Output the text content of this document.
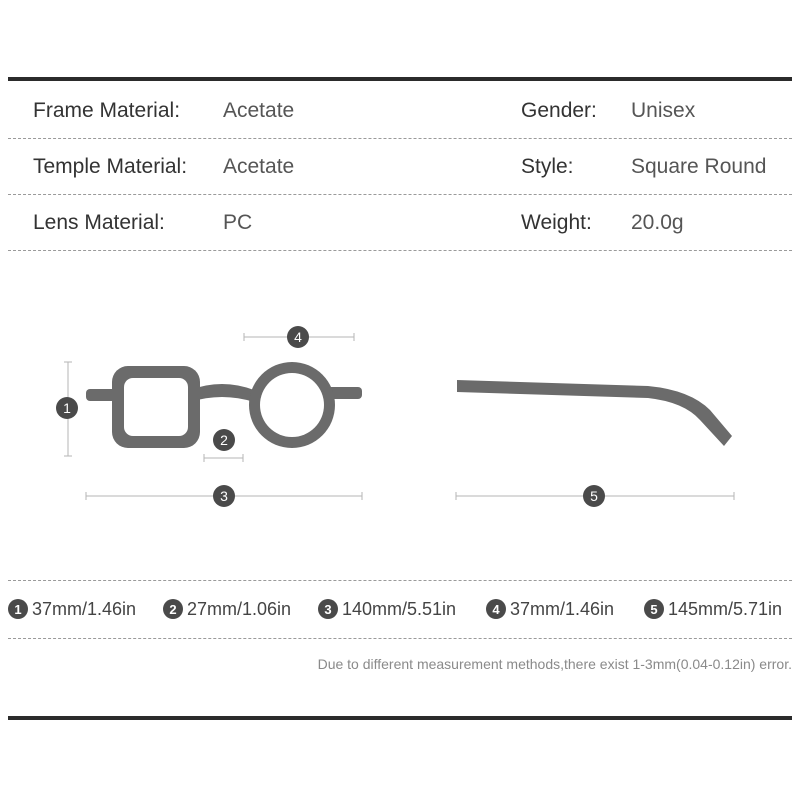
Frame Material: Acetate	Gender: Unisex
Temple Material: Acetate	Style:	Square Round
Lens Material:	PC	Weight: 20.0g
1
2
3
4
5
1 37mm/1.46in	2 27mm/1.06in	3 140mm/5.51in	4 37mm/1.46in	5 145mm/5.71in
Due to different measurement methods,there exist 1-3mm(0.04-0.12in) error.
